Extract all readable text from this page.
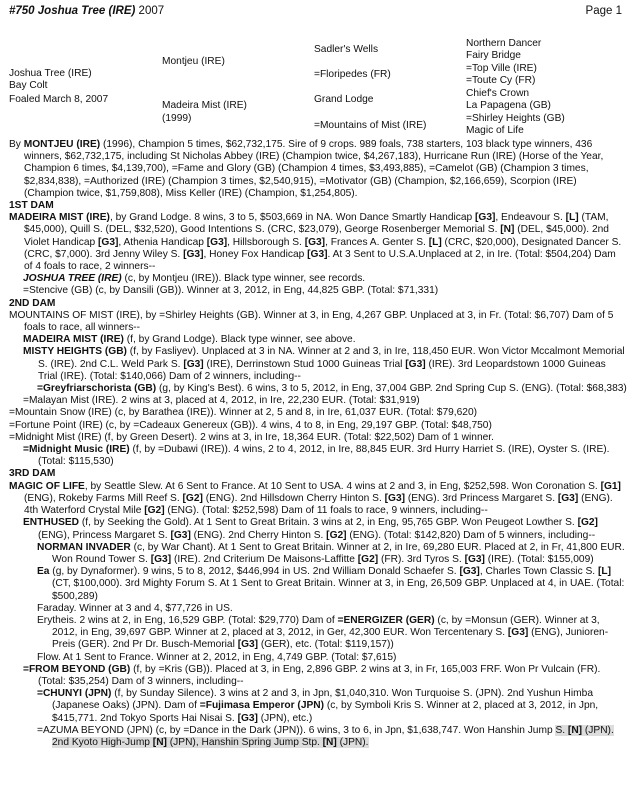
#750 Joshua Tree (IRE) 2007	Page 1
Joshua Tree (IRE)
Bay Colt
Foaled March 8, 2007
Montjeu (IRE)
Madeira Mist (IRE)
(1999)
Sadler's Wells
=Floripedes (FR)
Grand Lodge
=Mountains of Mist (IRE)
Northern Dancer
Fairy Bridge
=Top Ville (IRE)
=Toute Cy (FR)
Chief's Crown
La Papagena (GB)
=Shirley Heights (GB)
Magic of Life
By MONTJEU (IRE) (1996), Champion 5 times, $62,732,175. Sire of 9 crops. 989 foals, 738 starters, 103 black type winners, 436 winners, $62,732,175, including St Nicholas Abbey (IRE) (Champion twice, $4,267,183), Hurricane Run (IRE) (Horse of the Year, Champion 6 times, $4,139,700), =Fame and Glory (GB) (Champion 4 times, $3,493,885), =Camelot (GB) (Champion 3 times, $2,834,838), =Authorized (IRE) (Champion 3 times, $2,540,915), =Motivator (GB) (Champion, $2,166,659), Scorpion (IRE) (Champion twice, $1,759,808), Miss Keller (IRE) (Champion, $1,254,805).
1ST DAM
MADEIRA MIST (IRE), by Grand Lodge. 8 wins, 3 to 5, $503,669 in NA. Won Dance Smartly Handicap [G3], Endeavour S. [L] (TAM, $45,000), Quill S. (DEL, $32,520), Good Intentions S. (CRC, $23,079), George Rosenberger Memorial S. [N] (DEL, $45,000). 2nd Violet Handicap [G3], Athenia Handicap [G3], Hillsborough S. [G3], Frances A. Genter S. [L] (CRC, $20,000), Designated Dancer S. (CRC, $7,000). 3rd Jenny Wiley S. [G3], Honey Fox Handicap [G3]. At 3 Sent to U.S.A.Unplaced at 2, in Ire. (Total: $504,204) Dam of 4 foals to race, 2 winners--
JOSHUA TREE (IRE) (c, by Montjeu (IRE)). Black type winner, see records.
=Stencive (GB) (c, by Dansili (GB)). Winner at 3, 2012, in Eng, 44,825 GBP. (Total: $71,331)
2ND DAM
MOUNTAINS OF MIST (IRE), by =Shirley Heights (GB). Winner at 3, in Eng, 4,267 GBP. Unplaced at 3, in Fr. (Total: $6,707) Dam of 5 foals to race, all winners--
MADEIRA MIST (IRE) (f, by Grand Lodge). Black type winner, see above.
MISTY HEIGHTS (GB) (f, by Fasliyev). Unplaced at 3 in NA. Winner at 2 and 3, in Ire, 118,450 EUR. Won Victor Mccalmont Memorial S. (IRE). 2nd C.L. Weld Park S. [G3] (IRE), Derrinstown Stud 1000 Guineas Trial [G3] (IRE). 3rd Leopardstown 1000 Guineas Trial (IRE). (Total: $140,066) Dam of 2 winners, including--
=Greyfriarschorista (GB) (g, by King's Best). 6 wins, 3 to 5, 2012, in Eng, 37,004 GBP. 2nd Spring Cup S. (ENG). (Total: $68,383)
=Malayan Mist (IRE). 2 wins at 3, placed at 4, 2012, in Ire, 22,230 EUR. (Total: $31,919)
=Mountain Snow (IRE) (c, by Barathea (IRE)). Winner at 2, 5 and 8, in Ire, 61,037 EUR. (Total: $79,620)
=Fortune Point (IRE) (c, by =Cadeaux Genereux (GB)). 4 wins, 4 to 8, in Eng, 29,197 GBP. (Total: $48,750)
=Midnight Mist (IRE) (f, by Green Desert). 2 wins at 3, in Ire, 18,364 EUR. (Total: $22,502) Dam of 1 winner.
=Midnight Music (IRE) (f, by =Dubawi (IRE)). 4 wins, 2 to 4, 2012, in Ire, 88,845 EUR. 3rd Hurry Harriet S. (IRE), Oyster S. (IRE). (Total: $115,530)
3RD DAM
MAGIC OF LIFE, by Seattle Slew. At 6 Sent to France. At 10 Sent to USA. 4 wins at 2 and 3, in Eng, $252,598. Won Coronation S. [G1] (ENG), Rokeby Farms Mill Reef S. [G2] (ENG). 2nd Hillsdown Cherry Hinton S. [G3] (ENG). 3rd Princess Margaret S. [G3] (ENG). 4th Waterford Crystal Mile [G2] (ENG). (Total: $252,598) Dam of 11 foals to race, 9 winners, including--
ENTHUSED (f, by Seeking the Gold). At 1 Sent to Great Britain. 3 wins at 2, in Eng, 95,765 GBP. Won Peugeot Lowther S. [G2] (ENG), Princess Margaret S. [G3] (ENG). 2nd Cherry Hinton S. [G2] (ENG). (Total: $142,820) Dam of 5 winners, including--
NORMAN INVADER (c, by War Chant). At 1 Sent to Great Britain. Winner at 2, in Ire, 69,280 EUR. Placed at 2, in Fr, 41,800 EUR. Won Round Tower S. [G3] (IRE). 2nd Criterium De Maisons-Laffitte [G2] (FR). 3rd Tyros S. [G3] (IRE). (Total: $155,009)
Ea (g, by Dynaformer). 9 wins, 5 to 8, 2012, $446,994 in US. 2nd William Donald Schaefer S. [G3], Charles Town Classic S. [L] (CT, $100,000). 3rd Mighty Forum S. At 1 Sent to Great Britain. Winner at 3, in Eng, 26,509 GBP. Unplaced at 4, in UAE. (Total: $500,289)
Faraday. Winner at 3 and 4, $77,726 in US.
Erytheis. 2 wins at 2, in Eng, 16,529 GBP. (Total: $29,770) Dam of =ENERGIZER (GER) (c, by =Monsun (GER). Winner at 3, 2012, in Eng, 39,697 GBP. Winner at 2, placed at 3, 2012, in Ger, 42,300 EUR. Won Tercentenary S. [G3] (ENG), Junioren-Preis (GER). 2nd Pr Dr. Busch-Memorial [G3] (GER), etc. (Total: $119,157))
Flow. At 1 Sent to France. Winner at 2, 2012, in Eng, 4,749 GBP. (Total: $7,615)
=FROM BEYOND (GB) (f, by =Kris (GB)). Placed at 3, in Eng, 2,896 GBP. 2 wins at 3, in Fr, 165,003 FRF. Won Pr Vulcain (FR). (Total: $35,254) Dam of 3 winners, including--
=CHUNYI (JPN) (f, by Sunday Silence). 3 wins at 2 and 3, in Jpn, $1,040,310. Won Turquoise S. (JPN). 2nd Yushun Himba (Japanese Oaks) (JPN). Dam of =Fujimasa Emperor (JPN) (c, by Symboli Kris S. Winner at 2, placed at 3, 2012, in Jpn, $415,771. 2nd Tokyo Sports Hai Nisai S. [G3] (JPN), etc.)
=AZUMA BEYOND (JPN) (c, by =Dance in the Dark (JPN)). 6 wins, 3 to 6, in Jpn, $1,638,747. Won Hanshin Jump S. [N] (JPN). 2nd Kyoto High-Jump [N] (JPN), Hanshin Spring Jump Stp. [N] (JPN).
